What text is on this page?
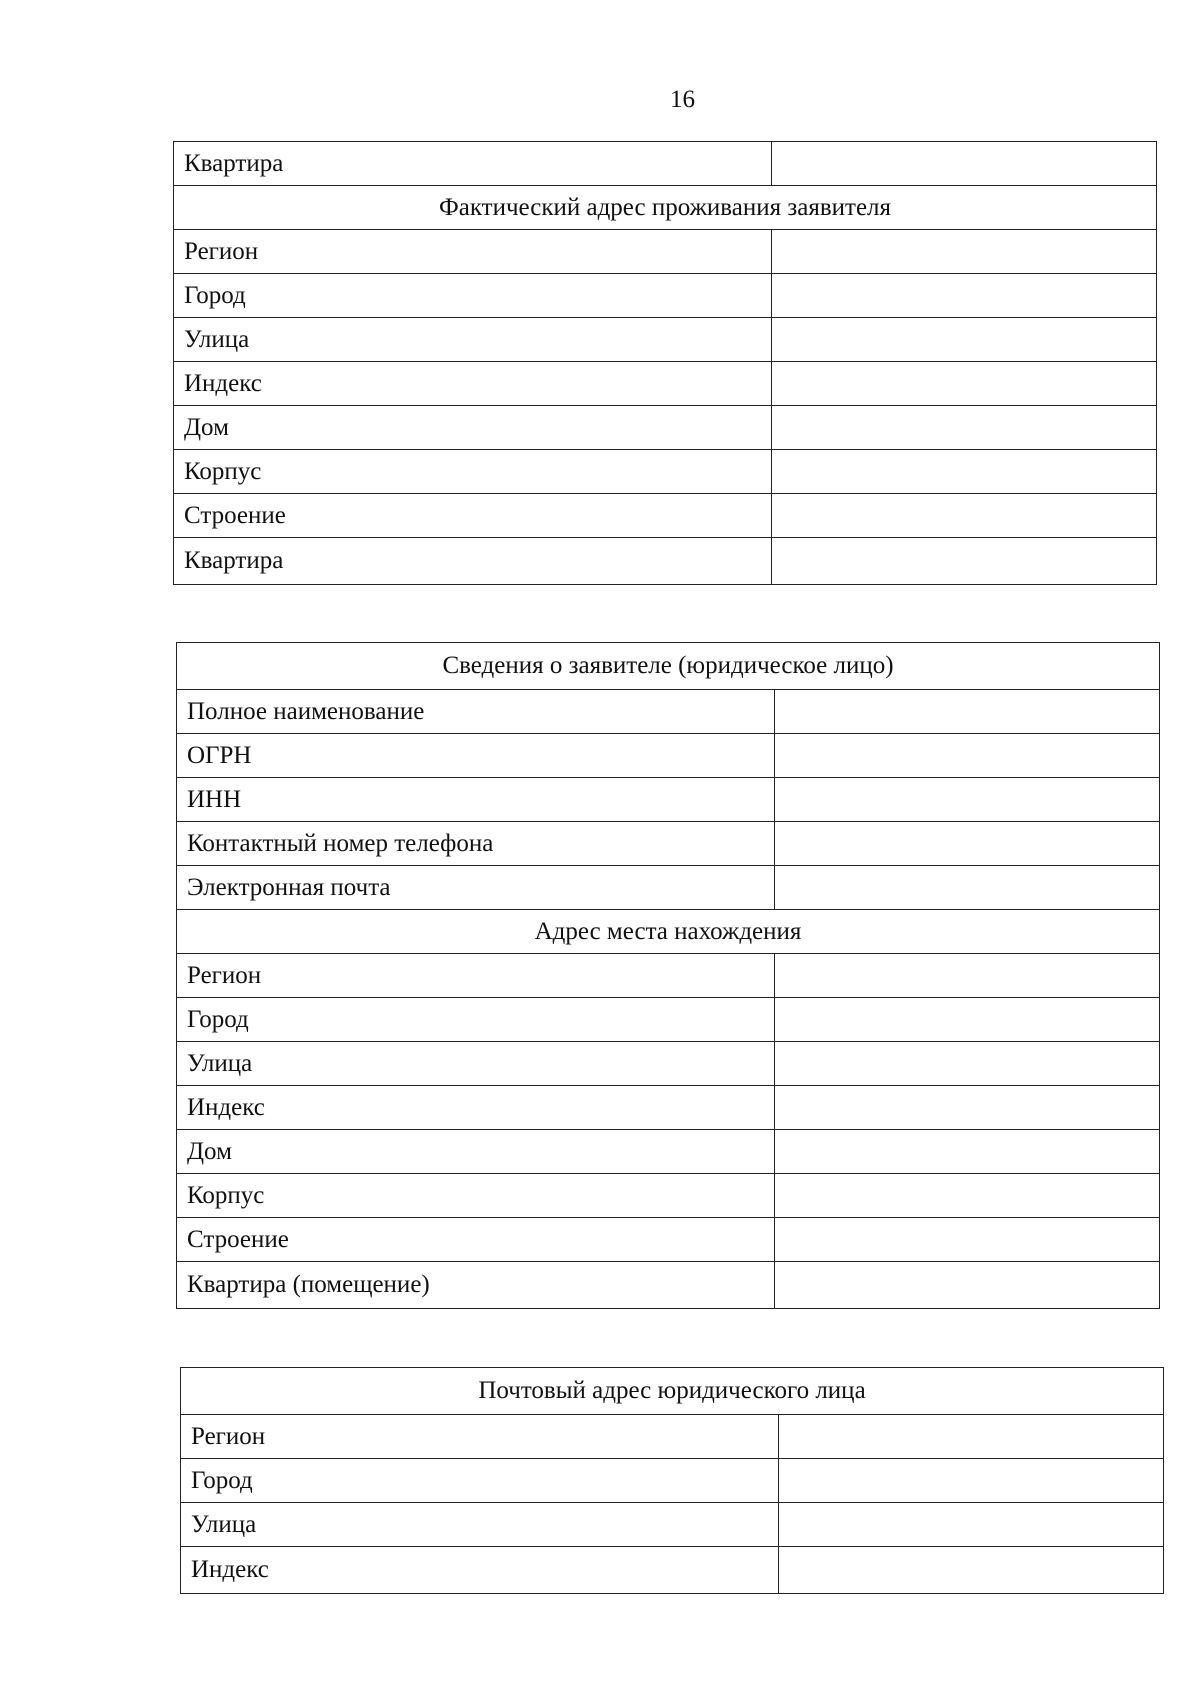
16
Квартира	
Фактический адрес проживания заявителя	
Регион	
Город	
Улица	
Индекс	
Дом	
Корпус	
Строение	
Квартира	
Сведения о заявителе (юридическое лицо)	
Полное наименование	
ОГРН	
ИНН	
Контактный номер телефона	
Электронная почта	
Адрес места нахождения	
Регион	
Город	
Улица	
Индекс	
Дом	
Корпус	
Строение	
Квартира (помещение)	
Почтовый адрес юридического лица	
Регион	
Город	
Улица	
Индекс	
